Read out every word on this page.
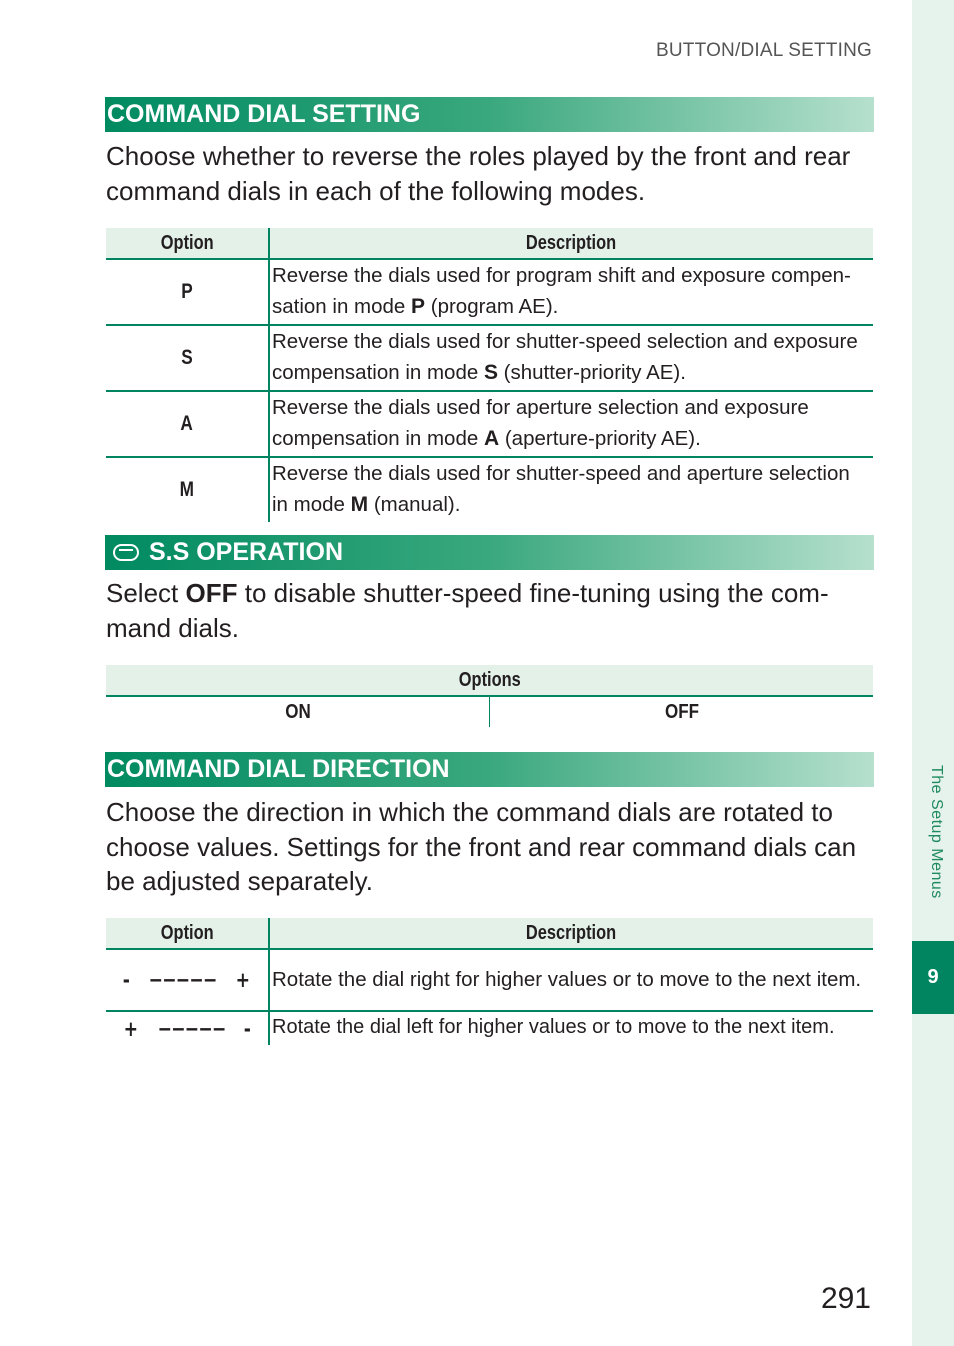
BUTTON/DIAL SETTING
The Setup Menus
9
COMMAND DIAL SETTING

Choose whether to reverse the roles played by the front and rear command dials in each of the following modes.

Option	Description
P	Reverse the dials used for program shift and exposure compen-sation in mode P (program AE).
S	Reverse the dials used for shutter-speed selection and exposure compensation in mode S (shutter-priority AE).
A	Reverse the dials used for aperture selection and exposure compensation in mode A (aperture-priority AE).
M	Reverse the dials used for shutter-speed and aperture selection in mode M (manual).
S.S OPERATION

Select OFF to disable shutter-speed fine-tuning using the com-mand dials.

Options
ON	OFF
COMMAND DIAL DIRECTION

Choose the direction in which the command dials are rotated to choose values. Settings for the front and rear command dials can be adjusted separately.

Option	Description

- −−−−− +	Rotate the dial right for higher values or to move to the next item.

+ −−−−− -	Rotate the dial left for higher values or to move to the next item.
291
